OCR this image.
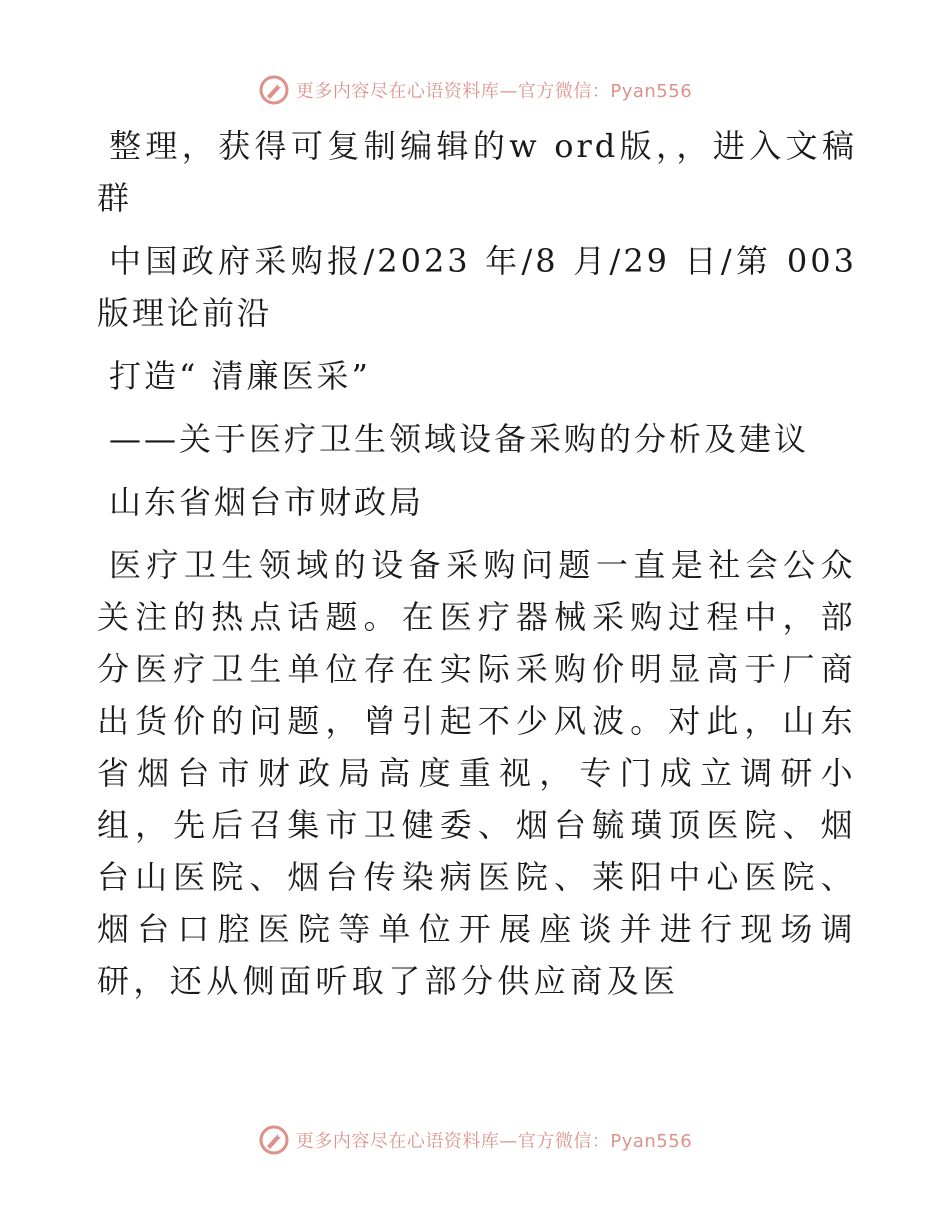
更多内容尽在心语资料库—官方微信：Pyan556

整理，获得可复制编辑的w ord版，，进入文稿群

中国政府采购报/2023 年/8 月/29 日/第 003 版理论前沿

打造“ 清廉医采”

——关于医疗卫生领域设备采购的分析及建议

山东省烟台市财政局

医疗卫生领域的设备采购问题一直是社会公众关注的热点话题。在医疗器械采购过程中，部分医疗卫生单位存在实际采购价明显高于厂商出货价的问题，曾引起不少风波。对此，山东省烟台市财政局高度重视，专门成立调研小组，先后召集市卫健委、烟台毓璜顶医院、烟台山医院、烟台传染病医院、莱阳中心医院、烟台口腔医院等单位开展座谈并进行现场调研，还从侧面听取了部分供应商及医

更多内容尽在心语资料库—官方微信：Pyan556
